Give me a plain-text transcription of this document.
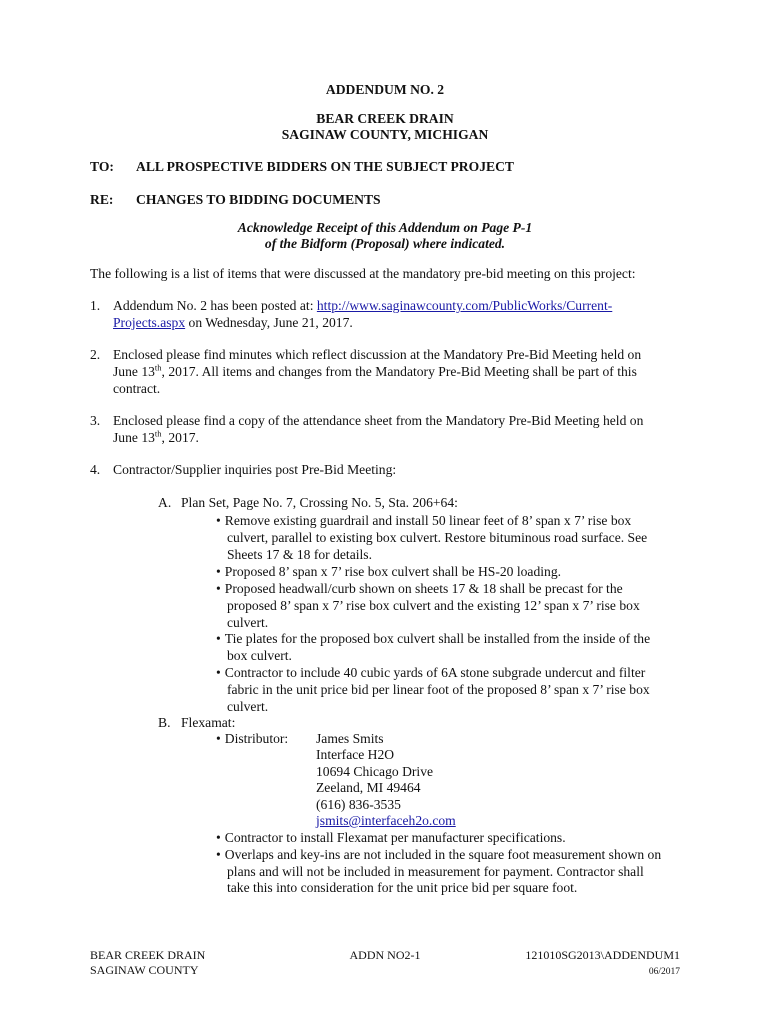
ADDENDUM NO. 2
BEAR CREEK DRAIN
SAGINAW COUNTY, MICHIGAN
TO: ALL PROSPECTIVE BIDDERS ON THE SUBJECT PROJECT
RE: CHANGES TO BIDDING DOCUMENTS
Acknowledge Receipt of this Addendum on Page P-1
of the Bidform (Proposal) where indicated.
The following is a list of items that were discussed at the mandatory pre-bid meeting on this project:
1. Addendum No. 2 has been posted at: http://www.saginawcounty.com/PublicWorks/Current-
Projects.aspx on Wednesday, June 21, 2017.
2. Enclosed please find minutes which reflect discussion at the Mandatory Pre-Bid Meeting held on
June 13th, 2017. All items and changes from the Mandatory Pre-Bid Meeting shall be part of this
contract.
3. Enclosed please find a copy of the attendance sheet from the Mandatory Pre-Bid Meeting held on
June 13th, 2017.
4. Contractor/Supplier inquiries post Pre-Bid Meeting:
A. Plan Set, Page No. 7, Crossing No. 5, Sta. 206+64:
• Remove existing guardrail and install 50 linear feet of 8’ span x 7’ rise box
culvert, parallel to existing box culvert. Restore bituminous road surface. See
Sheets 17 & 18 for details.
• Proposed 8’ span x 7’ rise box culvert shall be HS-20 loading.
• Proposed headwall/curb shown on sheets 17 & 18 shall be precast for the
proposed 8’ span x 7’ rise box culvert and the existing 12’ span x 7’ rise box
culvert.
• Tie plates for the proposed box culvert shall be installed from the inside of the
box culvert.
• Contractor to include 40 cubic yards of 6A stone subgrade undercut and filter
fabric in the unit price bid per linear foot of the proposed 8’ span x 7’ rise box
culvert.
B. Flexamat:
• Distributor: James Smits
Interface H2O
10694 Chicago Drive
Zeeland, MI 49464
(616) 836-3535
jsmits@interfaceh2o.com
• Contractor to install Flexamat per manufacturer specifications.
• Overlaps and key-ins are not included in the square foot measurement shown on
plans and will not be included in measurement for payment. Contractor shall
take this into consideration for the unit price bid per square foot.
BEAR CREEK DRAIN
SAGINAW COUNTY
ADDN NO2-1	121010SG2013\ADDENDUM1
06/2017
